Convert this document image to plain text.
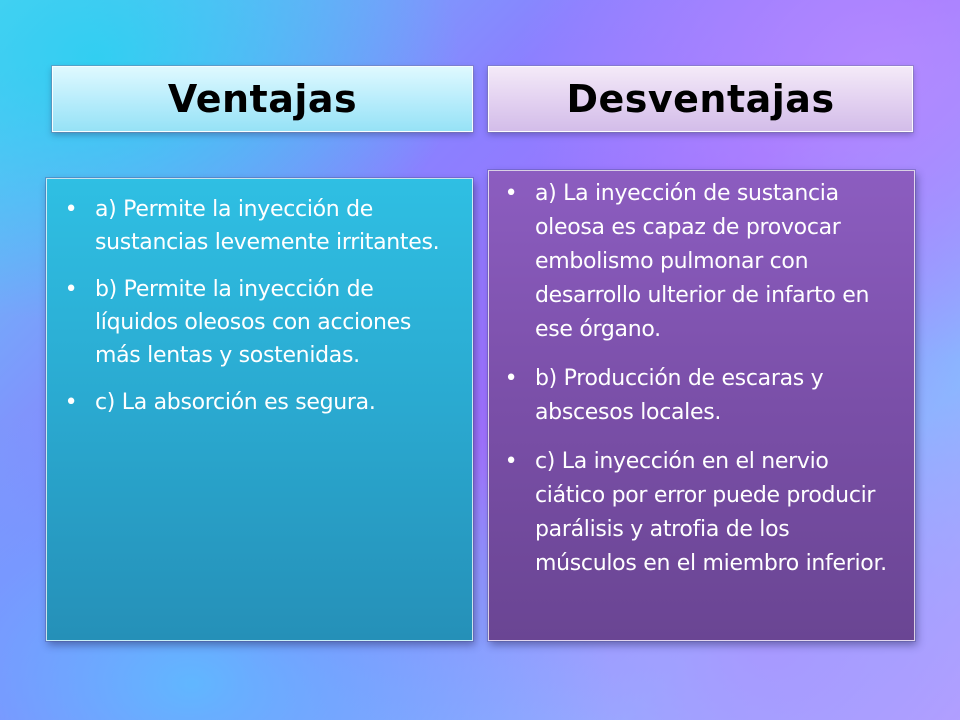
Ventajas	Desventajas
• a) Permite la inyección de sustancias levemente irritantes.
• b) Permite la inyección de líquidos oleosos con acciones más lentas y sostenidas.
• c) La absorción es segura.
• a) La inyección de sustancia oleosa es capaz de provocar embolismo pulmonar con desarrollo ulterior de infarto en ese órgano.
• b) Producción de escaras y abscesos locales.
• c) La inyección en el nervio ciático por error puede producir parálisis y atrofia de los músculos en el miembro inferior.
